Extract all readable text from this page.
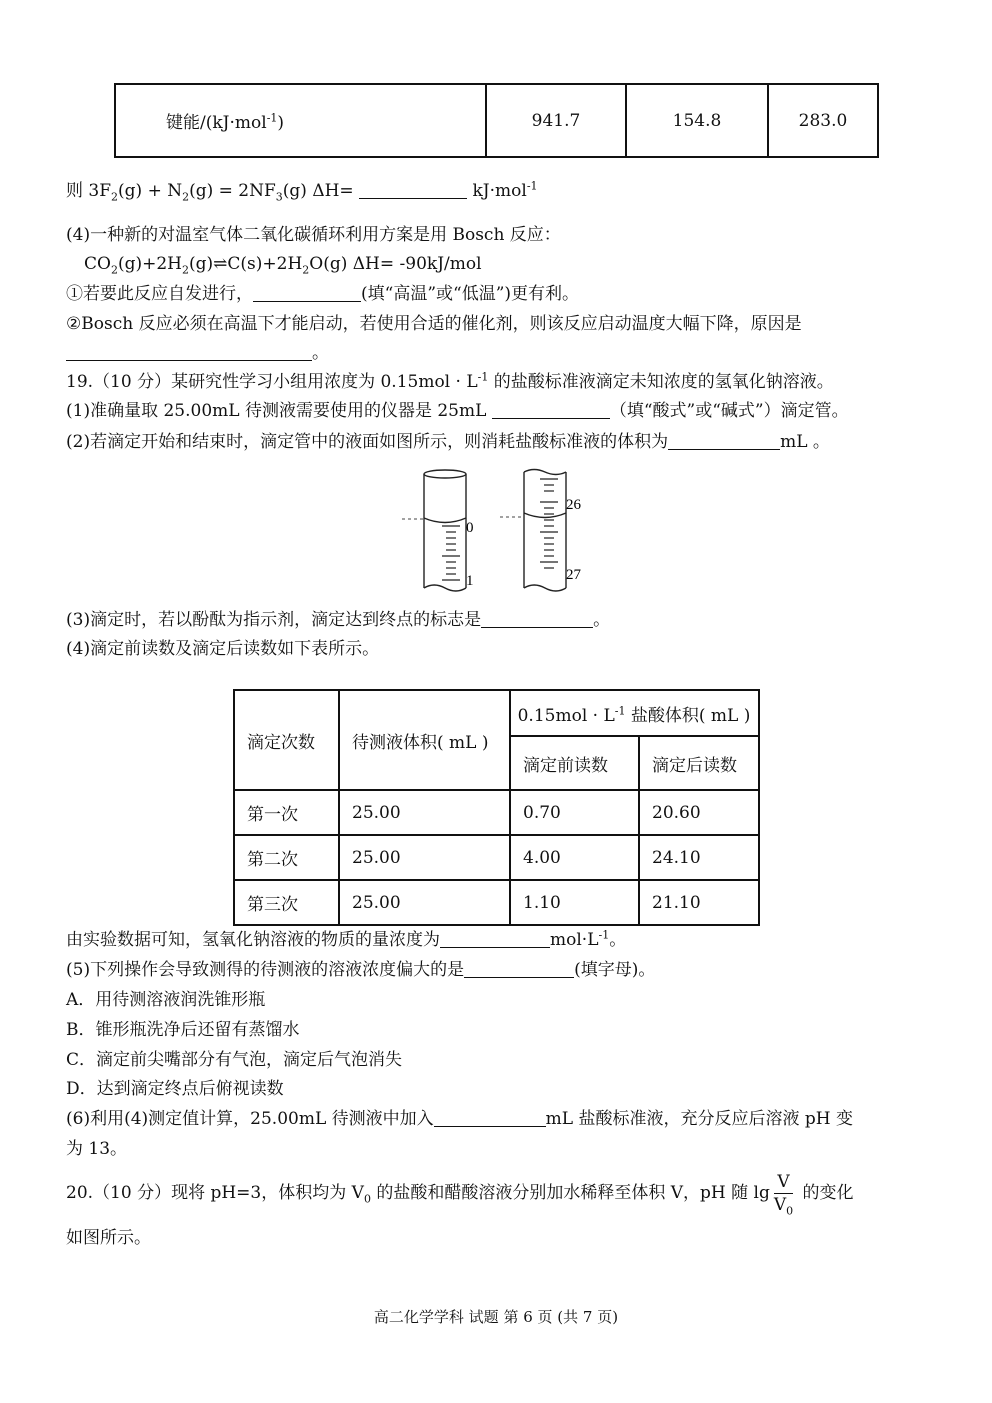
键能/(kJ·mol$^{-1}$)	941.7	154.8	283.0
则 $3F_2(g) + N_2(g) = 2NF_3(g)$ ΔH=	kJ·mol$^{-1}$
(4)一种新的对温室气体二氧化碳循环利用方案是用 Bosch 反应：
$CO_2(g)+2H_2(g)\rightleftharpoons C(s)+2H_2O(g)$ ΔH= -90kJ/mol
①若要此反应自发进行，	(填“高温”或“低温”)更有利。
②Bosch 反应必须在高温下才能启动，若使用合适的催化剂，则该反应启动温度大幅下降，原因是
。
19.（10 分）某研究性学习小组用浓度为 $0.15mol \cdot L^{-1}$ 的盐酸标准液滴定未知浓度的氢氧化钠溶液。
(1)准确量取 25.00mL 待测液需要使用的仪器是 25mL	（填“酸式”或“碱式”）滴定管。
(2)若滴定开始和结束时，滴定管中的液面如图所示，则消耗盐酸标准液的体积为	mL 。
0
1
26
27
(3)滴定时，若以酚酞为指示剂，滴定达到终点的标志是	。
(4)滴定前读数及滴定后读数如下表所示。
滴定次数	待测液体积( mL )	$0.15mol \cdot L^{-1}$ 盐酸体积( mL )	
		滴定前读数	滴定后读数
第一次	25.00	0.70	20.60
第二次	25.00	4.00	24.10
第三次	25.00	1.10	21.10
由实验数据可知，氢氧化钠溶液的物质的量浓度为	$mol\cdot L^{-1}$。
(5)下列操作会导致测得的待测液的溶液浓度偏大的是	(填字母)。
A．用待测溶液润洗锥形瓶
B．锥形瓶洗净后还留有蒸馏水
C．滴定前尖嘴部分有气泡，滴定后气泡消失
D．达到滴定终点后俯视读数
(6)利用(4)测定值计算，25.00mL 待测液中加入	mL 盐酸标准液，充分反应后溶液 pH 变
为 13。
20.（10 分）现将 pH=3，体积均为 $V_0$ 的盐酸和醋酸溶液分别加水稀释至体积 V，pH 随 $\lg \frac{V}{V_0}$ 的变化
如图所示。
高二化学学科 试题 第 6 页 (共 7 页)
